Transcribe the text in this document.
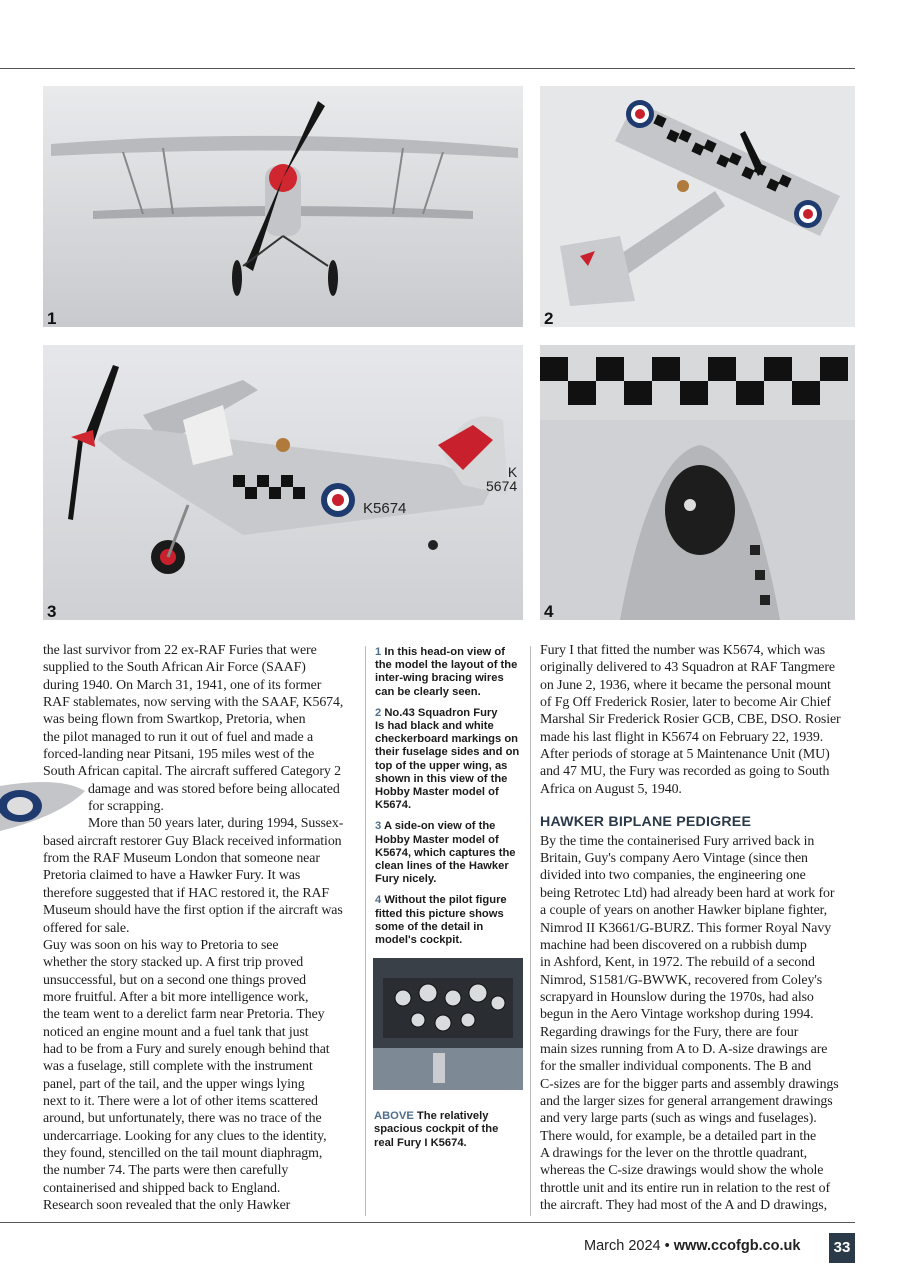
1	2
K5674
K
5674
3	4
the last survivor from 22 ex-RAF Furies that were
supplied to the South African Air Force (SAAF)
during 1940. On March 31, 1941, one of its former
RAF stablemates, now serving with the SAAF, K5674,
was being flown from Swartkop, Pretoria, when
the pilot managed to run it out of fuel and made a
forced-landing near Pitsani, 195 miles west of the
South African capital. The aircraft suffered Category 2
damage and was stored before being allocated
for scrapping.
More than 50 years later, during 1994, Sussex-
based aircraft restorer Guy Black received information
from the RAF Museum London that someone near
Pretoria claimed to have a Hawker Fury. It was
therefore suggested that if HAC restored it, the RAF
Museum should have the first option if the aircraft was
offered for sale.
Guy was soon on his way to Pretoria to see
whether the story stacked up. A first trip proved
unsuccessful, but on a second one things proved
more fruitful. After a bit more intelligence work,
the team went to a derelict farm near Pretoria. They
noticed an engine mount and a fuel tank that just
had to be from a Fury and surely enough behind that
was a fuselage, still complete with the instrument
panel, part of the tail, and the upper wings lying
next to it. There were a lot of other items scattered
around, but unfortunately, there was no trace of the
undercarriage. Looking for any clues to the identity,
they found, stencilled on the tail mount diaphragm,
the number 74. The parts were then carefully
containerised and shipped back to England.
Research soon revealed that the only Hawker
1 In this head-on view of
the model the layout of the
inter-wing bracing wires
can be clearly seen.
2 No.43 Squadron Fury
Is had black and white
checkerboard markings on
their fuselage sides and on
top of the upper wing, as
shown in this view of the
Hobby Master model of
K5674.
3 A side-on view of the
Hobby Master model of
K5674, which captures the
clean lines of the Hawker
Fury nicely.
4 Without the pilot figure
fitted this picture shows
some of the detail in
model's cockpit.

ABOVE The relatively
spacious cockpit of the
real Fury I K5674.

Fury I that fitted the number was K5674, which was
originally delivered to 43 Squadron at RAF Tangmere
on June 2, 1936, where it became the personal mount
of Fg Off Frederick Rosier, later to become Air Chief
Marshal Sir Frederick Rosier GCB, CBE, DSO. Rosier
made his last flight in K5674 on February 22, 1939.
After periods of storage at 5 Maintenance Unit (MU)
and 47 MU, the Fury was recorded as going to South
Africa on August 5, 1940.
HAWKER BIPLANE PEDIGREE
By the time the containerised Fury arrived back in
Britain, Guy's company Aero Vintage (since then
divided into two companies, the engineering one
being Retrotec Ltd) had already been hard at work for
a couple of years on another Hawker biplane fighter,
Nimrod II K3661/G-BURZ. This former Royal Navy
machine had been discovered on a rubbish dump
in Ashford, Kent, in 1972. The rebuild of a second
Nimrod, S1581/G-BWWK, recovered from Coley's
scrapyard in Hounslow during the 1970s, had also
begun in the Aero Vintage workshop during 1994.
Regarding drawings for the Fury, there are four
main sizes running from A to D. A-size drawings are
for the smaller individual components. The B and
C-sizes are for the bigger parts and assembly drawings
and the larger sizes for general arrangement drawings
and very large parts (such as wings and fuselages).
There would, for example, be a detailed part in the
A drawings for the lever on the throttle quadrant,
whereas the C-size drawings would show the whole
throttle unit and its entire run in relation to the rest of
the aircraft. They had most of the A and D drawings,
March 2024 • www.ccofgb.co.uk	33
